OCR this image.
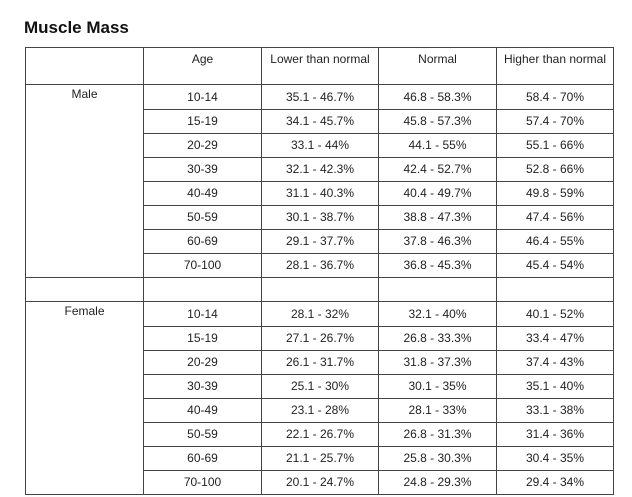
Muscle Mass
	Age	Lower than normal	Normal	Higher than normal
Male	10-14	35.1 - 46.7%	46.8 - 58.3%	58.4 - 70%
	15-19	34.1 - 45.7%	45.8 - 57.3%	57.4 - 70%
	20-29	33.1 - 44%	44.1 - 55%	55.1 - 66%
	30-39	32.1 - 42.3%	42.4 - 52.7%	52.8 - 66%
	40-49	31.1 - 40.3%	40.4 - 49.7%	49.8 - 59%
	50-59	30.1 - 38.7%	38.8 - 47.3%	47.4 - 56%
	60-69	29.1 - 37.7%	37.8 - 46.3%	46.4 - 55%
	70-100	28.1 - 36.7%	36.8 - 45.3%	45.4 - 54%

Female	10-14	28.1 - 32%	32.1 - 40%	40.1 - 52%
	15-19	27.1 - 26.7%	26.8 - 33.3%	33.4 - 47%
	20-29	26.1 - 31.7%	31.8 - 37.3%	37.4 - 43%
	30-39	25.1 - 30%	30.1 - 35%	35.1 - 40%
	40-49	23.1 - 28%	28.1 - 33%	33.1 - 38%
	50-59	22.1 - 26.7%	26.8 - 31.3%	31.4 - 36%
	60-69	21.1 - 25.7%	25.8 - 30.3%	30.4 - 35%
	70-100	20.1 - 24.7%	24.8 - 29.3%	29.4 - 34%
